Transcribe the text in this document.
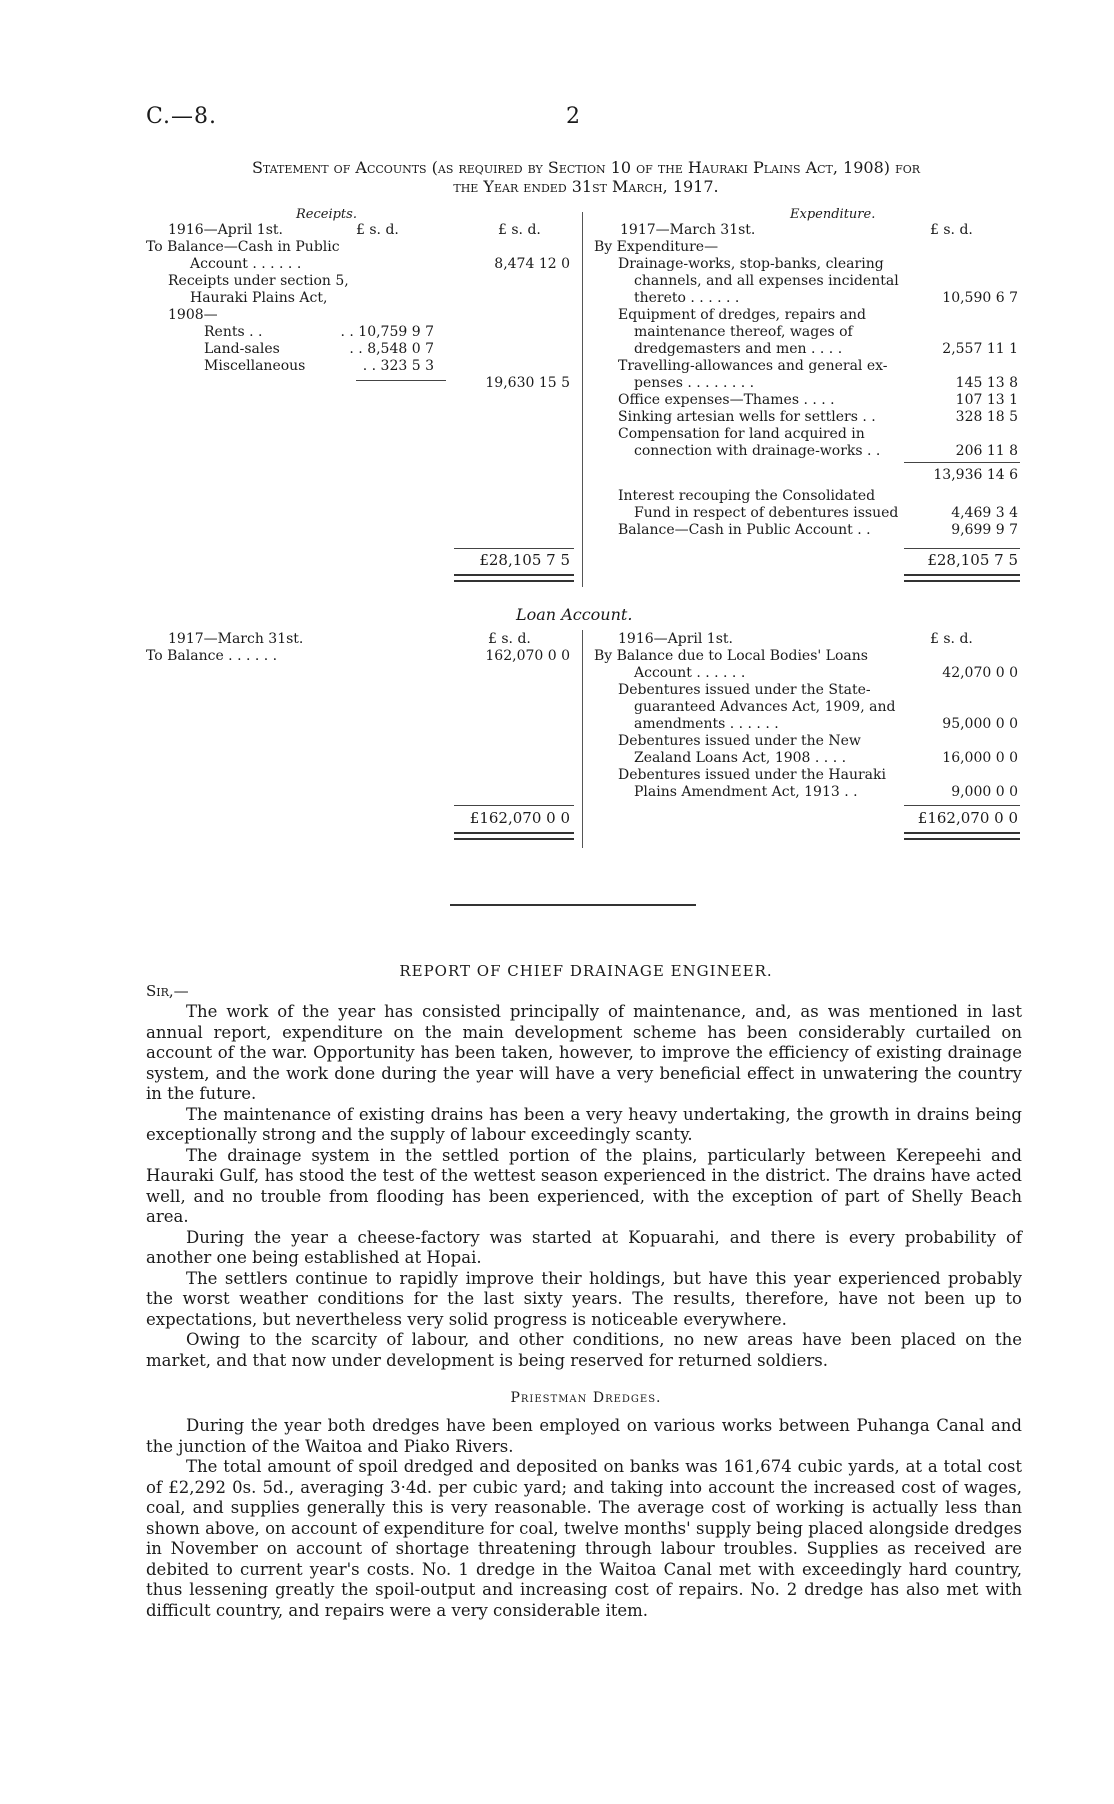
C.—8.	2
Statement of Accounts (as required by Section 10 of the Hauraki Plains Act, 1908) for
the Year ended 31st March, 1917.
Receipts.
1916—April 1st.	£ s. d.	£ s. d.
To Balance—Cash in Public
Account . . . . . .	8,474 12 0
Receipts under section 5,
Hauraki Plains Act,
1908—
Rents . .	. . 10,759 9 7
Land-sales	. . 8,548 0 7
Miscellaneous	. . 323 5 3
19,630 15 5
£28,105 7 5
Expenditure.
1917—March 31st.	£ s. d.
By Expenditure—
Drainage-works, stop-banks, clearing
channels, and all expenses incidental
thereto . . . . . .	10,590 6 7
Equipment of dredges, repairs and
maintenance thereof, wages of
dredgemasters and men . . . .	2,557 11 1
Travelling-allowances and general ex-
penses . . . . . . . .	145 13 8
Office expenses—Thames . . . .	107 13 1
Sinking artesian wells for settlers . .	328 18 5
Compensation for land acquired in
connection with drainage-works . .	206 11 8
13,936 14 6
Interest recouping the Consolidated
Fund in respect of debentures issued	4,469 3 4
Balance—Cash in Public Account . .	9,699 9 7
£28,105 7 5
Loan Account.
1917—March 31st.	£ s. d.
To Balance . . . . . .	162,070 0 0
£162,070 0 0
1916—April 1st.	£ s. d.
By Balance due to Local Bodies' Loans
Account . . . . . .	42,070 0 0
Debentures issued under the State-
guaranteed Advances Act, 1909, and
amendments . . . . . .	95,000 0 0
Debentures issued under the New
Zealand Loans Act, 1908 . . . .	16,000 0 0
Debentures issued under the Hauraki
Plains Amendment Act, 1913 . .	9,000 0 0
£162,070 0 0
REPORT OF CHIEF DRAINAGE ENGINEER.
Sir,—

The work of the year has consisted principally of maintenance, and, as was mentioned in last annual report, expenditure on the main development scheme has been considerably curtailed on account of the war. Opportunity has been taken, however, to improve the efficiency of existing drainage system, and the work done during the year will have a very beneficial effect in unwatering the country in the future.

The maintenance of existing drains has been a very heavy undertaking, the growth in drains being exceptionally strong and the supply of labour exceedingly scanty.

The drainage system in the settled portion of the plains, particularly between Kerepeehi and Hauraki Gulf, has stood the test of the wettest season experienced in the district. The drains have acted well, and no trouble from flooding has been experienced, with the exception of part of Shelly Beach area.

During the year a cheese-factory was started at Kopuarahi, and there is every probability of another one being established at Hopai.

The settlers continue to rapidly improve their holdings, but have this year experienced probably the worst weather conditions for the last sixty years. The results, therefore, have not been up to expectations, but nevertheless very solid progress is noticeable everywhere.

Owing to the scarcity of labour, and other conditions, no new areas have been placed on the market, and that now under development is being reserved for returned soldiers.

Priestman Dredges.

During the year both dredges have been employed on various works between Puhanga Canal and the junction of the Waitoa and Piako Rivers.

The total amount of spoil dredged and deposited on banks was 161,674 cubic yards, at a total cost of £2,292 0s. 5d., averaging 3·4d. per cubic yard; and taking into account the increased cost of wages, coal, and supplies generally this is very reasonable. The average cost of working is actually less than shown above, on account of expenditure for coal, twelve months' supply being placed alongside dredges in November on account of shortage threatening through labour troubles. Supplies as received are debited to current year's costs. No. 1 dredge in the Waitoa Canal met with exceedingly hard country, thus lessening greatly the spoil-output and increasing cost of repairs. No. 2 dredge has also met with difficult country, and repairs were a very considerable item.
